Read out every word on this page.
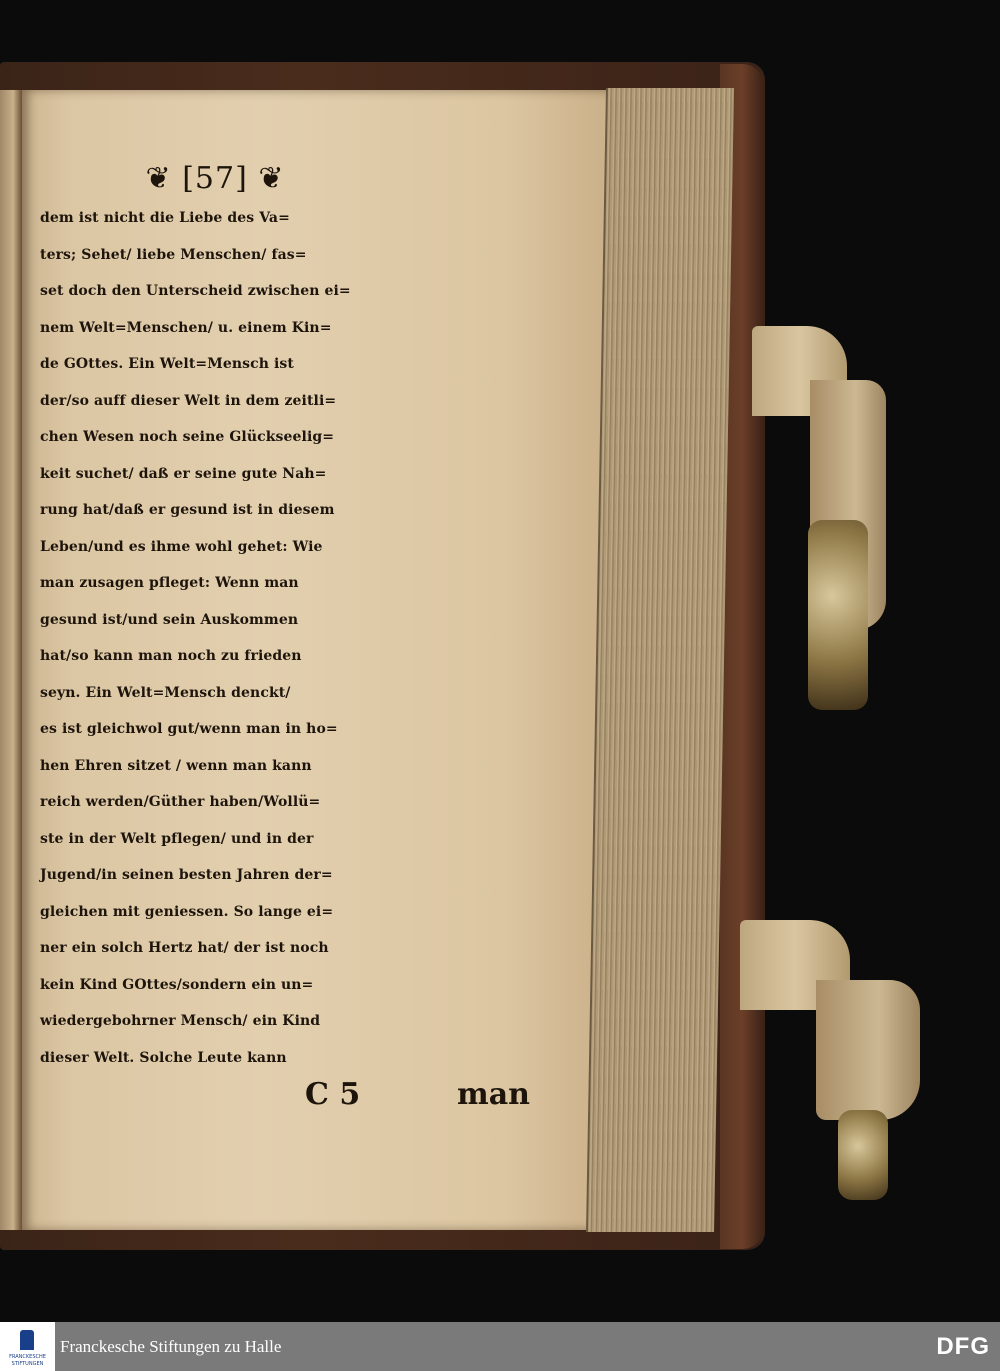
❦ [57] ❦
dem ist nicht die Liebe des Va=
ters; Sehet/ liebe Menschen/ fas=
set doch den Unterscheid zwischen ei=
nem Welt=Menschen/ u. einem Kin=
de GOttes. Ein Welt=Mensch ist
der/so auff dieser Welt in dem zeitli=
chen Wesen noch seine Glückseelig=
keit suchet/ daß er seine gute Nah=
rung hat/daß er gesund ist in diesem
Leben/und es ihme wohl gehet: Wie
man zusagen pfleget: Wenn man
gesund ist/und sein Auskommen
hat/so kann man noch zu frieden
seyn. Ein Welt=Mensch denckt/
es ist gleichwol gut/wenn man in ho=
hen Ehren sitzet / wenn man kann
reich werden/Güther haben/Wollü=
ste in der Welt pflegen/ und in der
Jugend/in seinen besten Jahren der=
gleichen mit geniessen. So lange ei=
ner ein solch Hertz hat/ der ist noch
kein Kind GOttes/sondern ein un=
wiedergebohrner Mensch/ ein Kind
dieser Welt. Solche Leute kann
C 5	man
FRANCKESCHE
STIFTUNGEN
Franckesche Stiftungen zu Halle	DFG
